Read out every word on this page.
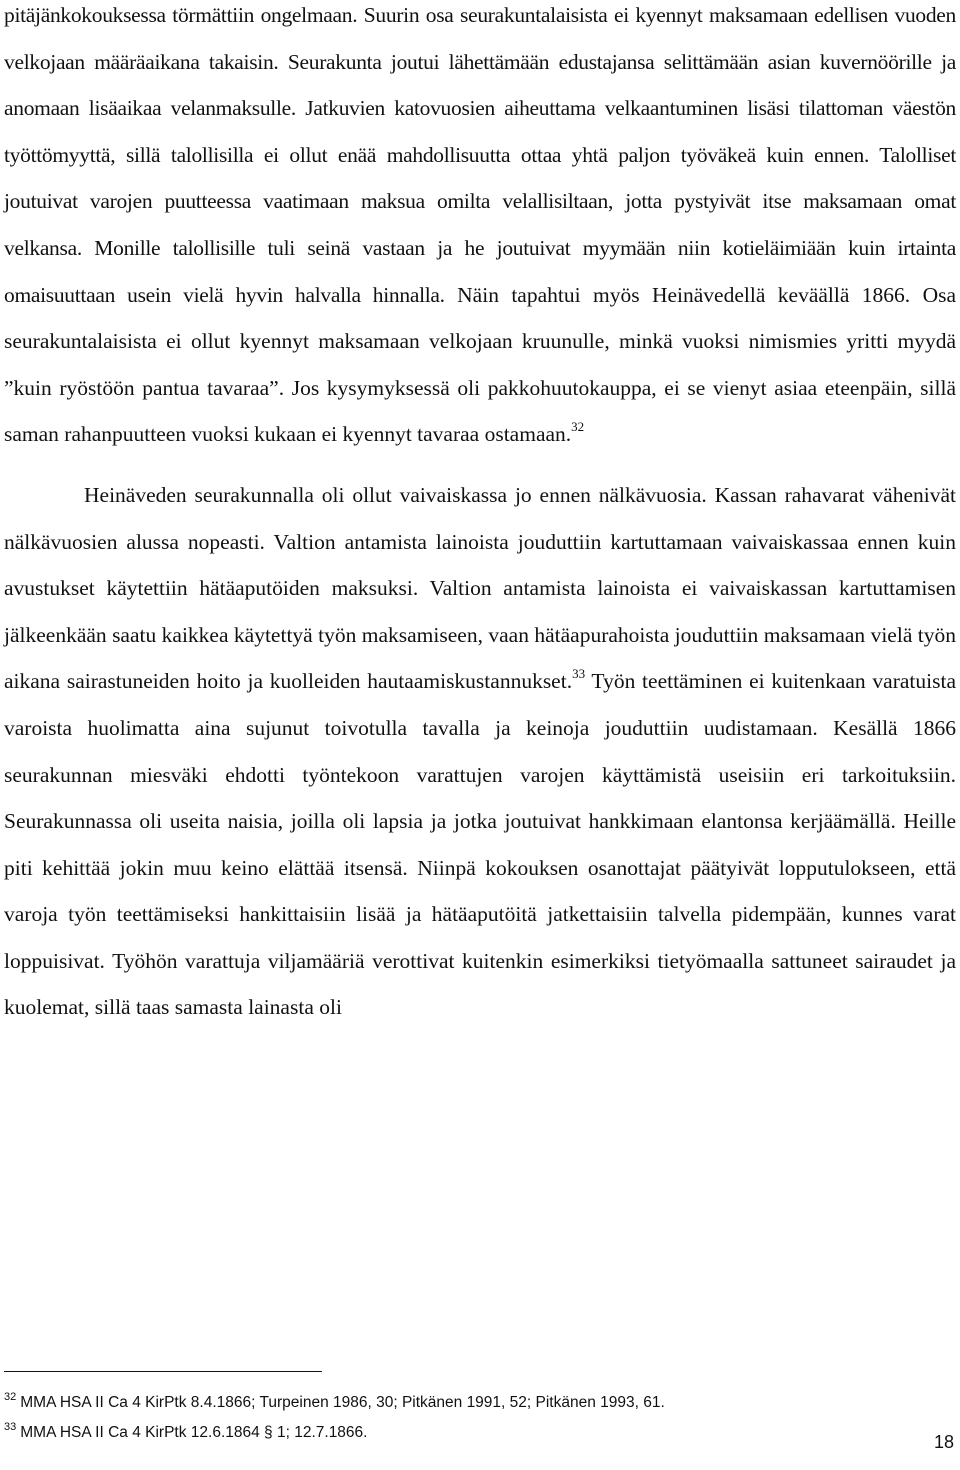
pitäjänkokouksessa törmättiin ongelmaan. Suurin osa seurakuntalaisista ei kyennyt maksamaan edellisen vuoden velkojaan määräaikana takaisin. Seurakunta joutui lähettämään edustajansa selittämään asian kuvernöörille ja anomaan lisäaikaa velanmaksulle. Jatkuvien katovuosien aiheuttama velkaantuminen lisäsi tilattoman väestön työttömyyttä, sillä talollisilla ei ollut enää mahdollisuutta ottaa yhtä paljon työväkeä kuin ennen. Talolliset joutuivat varojen puutteessa vaatimaan maksua omilta velallisiltaan, jotta pystyivät itse maksamaan omat velkansa. Monille talollisille tuli seinä vastaan ja he joutuivat myymään niin kotieläimiään kuin irtainta omaisuuttaan usein vielä hyvin halvalla hinnalla. Näin tapahtui myös Heinävedellä keväällä 1866. Osa seurakuntalaisista ei ollut kyennyt maksamaan velkojaan kruunulle, minkä vuoksi nimismies yritti myydä ”kuin ryöstöön pantua tavaraa”. Jos kysymyksessä oli pakkohuutokauppa, ei se vienyt asiaa eteenpäin, sillä saman rahanpuutteen vuoksi kukaan ei kyennyt tavaraa ostamaan.$^{32}$

Heinäveden seurakunnalla oli ollut vaivaiskassa jo ennen nälkävuosia. Kassan rahavarat vähenivät nälkävuosien alussa nopeasti. Valtion antamista lainoista jouduttiin kartuttamaan vaivaiskassaa ennen kuin avustukset käytettiin hätäaputöiden maksuksi. Valtion antamista lainoista ei vaivaiskassan kartuttamisen jälkeenkään saatu kaikkea käytettyä työn maksamiseen, vaan hätäapurahoista jouduttiin maksamaan vielä työn aikana sairastuneiden hoito ja kuolleiden hautaamiskustannukset.$^{33}$ Työn teettäminen ei kuitenkaan varatuista varoista huolimatta aina sujunut toivotulla tavalla ja keinoja jouduttiin uudistamaan. Kesällä 1866 seurakunnan miesväki ehdotti työntekoon varattujen varojen käyttämistä useisiin eri tarkoituksiin. Seurakunnassa oli useita naisia, joilla oli lapsia ja jotka joutuivat hankkimaan elantonsa kerjäämällä. Heille piti kehittää jokin muu keino elättää itsensä. Niinpä kokouksen osanottajat päätyivät lopputulokseen, että varoja työn teettämiseksi hankittaisiin lisää ja hätäaputöitä jatkettaisiin talvella pidempään, kunnes varat loppuisivat. Työhön varattuja viljamääriä verottivat kuitenkin esimerkiksi tietyömaalla sattuneet sairaudet ja kuolemat, sillä taas samasta lainasta oli

$^{32}$ MMA HSA II Ca 4 KirPtk 8.4.1866; Turpeinen 1986, 30; Pitkänen 1991, 52; Pitkänen 1993, 61.
$^{33}$ MMA HSA II Ca 4 KirPtk 12.6.1864 § 1; 12.7.1866.	18
